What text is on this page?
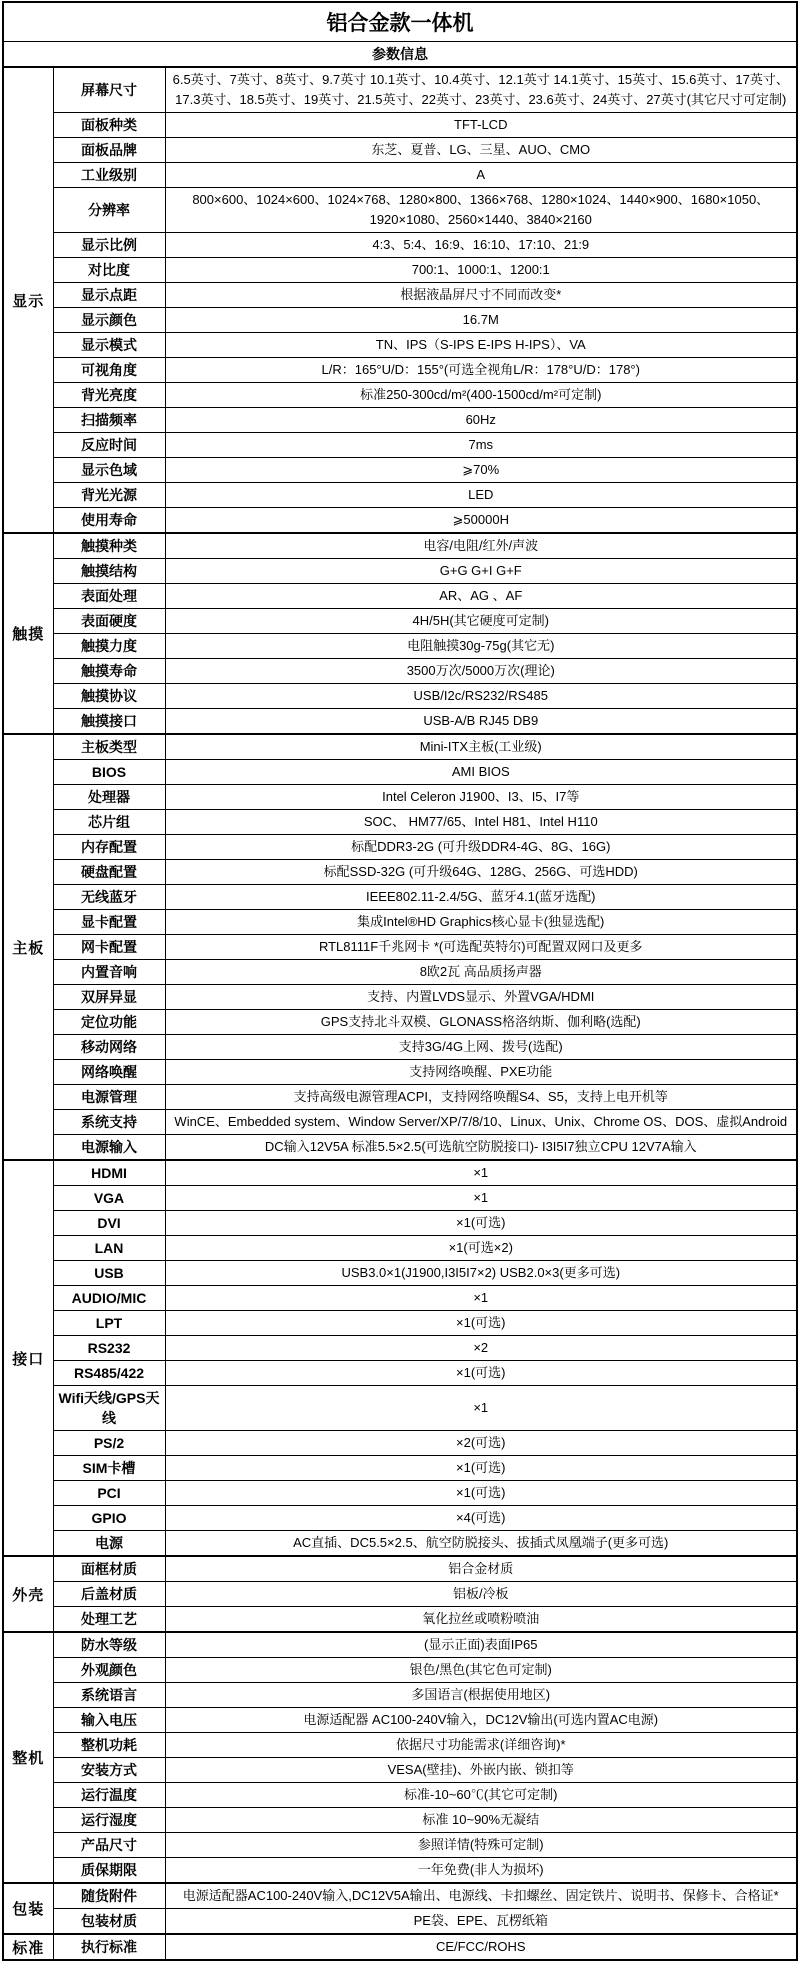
铝合金款一体机		
参数信息		
显示	屏幕尺寸	6.5英寸、7英寸、8英寸、9.7英寸 10.1英寸、10.4英寸、12.1英寸 14.1英寸、15英寸、15.6英寸、17英寸、17.3英寸、18.5英寸、19英寸、21.5英寸、22英寸、23英寸、23.6英寸、24英寸、27英寸(其它尺寸可定制)
	面板种类	TFT-LCD
	面板品牌	东芝、夏普、LG、三星、AUO、CMO
	工业级别	A
	分辨率	800×600、1024×600、1024×768、1280×800、1366×768、1280×1024、1440×900、1680×1050、1920×1080、2560×1440、3840×2160
	显示比例	4:3、5:4、16:9、16:10、17:10、21:9
	对比度	700:1、1000:1、1200:1
	显示点距	根据液晶屏尺寸不同而改变*
	显示颜色	16.7M
	显示模式	TN、IPS（S-IPS E-IPS H-IPS）、VA
	可视角度	L/R：165°U/D：155°(可选全视角L/R：178°U/D：178°)
	背光亮度	标准250-300cd/m²(400-1500cd/m²可定制)
	扫描频率	60Hz
	反应时间	7ms
	显示色域	⩾70%
	背光光源	LED
	使用寿命	⩾50000H
触摸	触摸种类	电容/电阻/红外/声波
	触摸结构	G+G G+I G+F
	表面处理	AR、AG 、AF
	表面硬度	4H/5H(其它硬度可定制)
	触摸力度	电阻触摸30g-75g(其它无)
	触摸寿命	3500万次/5000万次(理论)
	触摸协议	USB/I2c/RS232/RS485
	触摸接口	USB-A/B RJ45 DB9
主板	主板类型	Mini-ITX主板(工业级)
	BIOS	AMI BIOS
	处理器	Intel Celeron J1900、I3、I5、I7等
	芯片组	SOC、 HM77/65、Intel H81、Intel H110
	内存配置	标配DDR3-2G (可升级DDR4-4G、8G、16G)
	硬盘配置	标配SSD-32G (可升级64G、128G、256G、可选HDD)
	无线蓝牙	IEEE802.11-2.4/5G、蓝牙4.1(蓝牙选配)
	显卡配置	集成Intel®HD Graphics核心显卡(独显选配)
	网卡配置	RTL8111F千兆网卡 *(可选配英特尔)可配置双网口及更多
	内置音响	8欧2瓦 高品质扬声器
	双屏异显	支持、内置LVDS显示、外置VGA/HDMI
	定位功能	GPS支持北斗双模、GLONASS格洛纳斯、伽利略(选配)
	移动网络	支持3G/4G上网、拨号(选配)
	网络唤醒	支持网络唤醒、PXE功能
	电源管理	支持高级电源管理ACPI，支持网络唤醒S4、S5，支持上电开机等
	系统支持	WinCE、Embedded system、Window Server/XP/7/8/10、Linux、Unix、Chrome OS、DOS、虚拟Android
	电源输入	DC输入12V5A 标准5.5×2.5(可选航空防脱接口)- I3I5I7独立CPU 12V7A输入
接口	HDMI	×1
	VGA	×1
	DVI	×1(可选)
	LAN	×1(可选×2)
	USB	USB3.0×1(J1900,I3I5I7×2) USB2.0×3(更多可选)
	AUDIO/MIC	×1
	LPT	×1(可选)
	RS232	×2
	RS485/422	×1(可选)
	Wifi天线/GPS天线	×1
	PS/2	×2(可选)
	SIM卡槽	×1(可选)
	PCI	×1(可选)
	GPIO	×4(可选)
	电源	AC直插、DC5.5×2.5、航空防脱接头、拔插式凤凰端子(更多可选)
外壳	面框材质	铝合金材质
	后盖材质	铝板/冷板
	处理工艺	氧化拉丝或喷粉喷油
整机	防水等级	(显示正面)表面IP65
	外观颜色	银色/黑色(其它色可定制)
	系统语言	多国语言(根据使用地区)
	输入电压	电源适配器 AC100-240V输入，DC12V输出(可选内置AC电源)
	整机功耗	依据尺寸功能需求(详细咨询)*
	安装方式	VESA(壁挂)、外嵌内嵌、锁扣等
	运行温度	标准-10~60℃(其它可定制)
	运行湿度	标准 10~90%无凝结
	产品尺寸	参照详情(特殊可定制)
	质保期限	一年免费(非人为损坏)
包装	随货附件	电源适配器AC100-240V输入,DC12V5A输出、电源线、卡扣螺丝、固定铁片、说明书、保修卡、合格证*
	包装材质	PE袋、EPE、瓦楞纸箱
标准	执行标准	CE/FCC/ROHS
